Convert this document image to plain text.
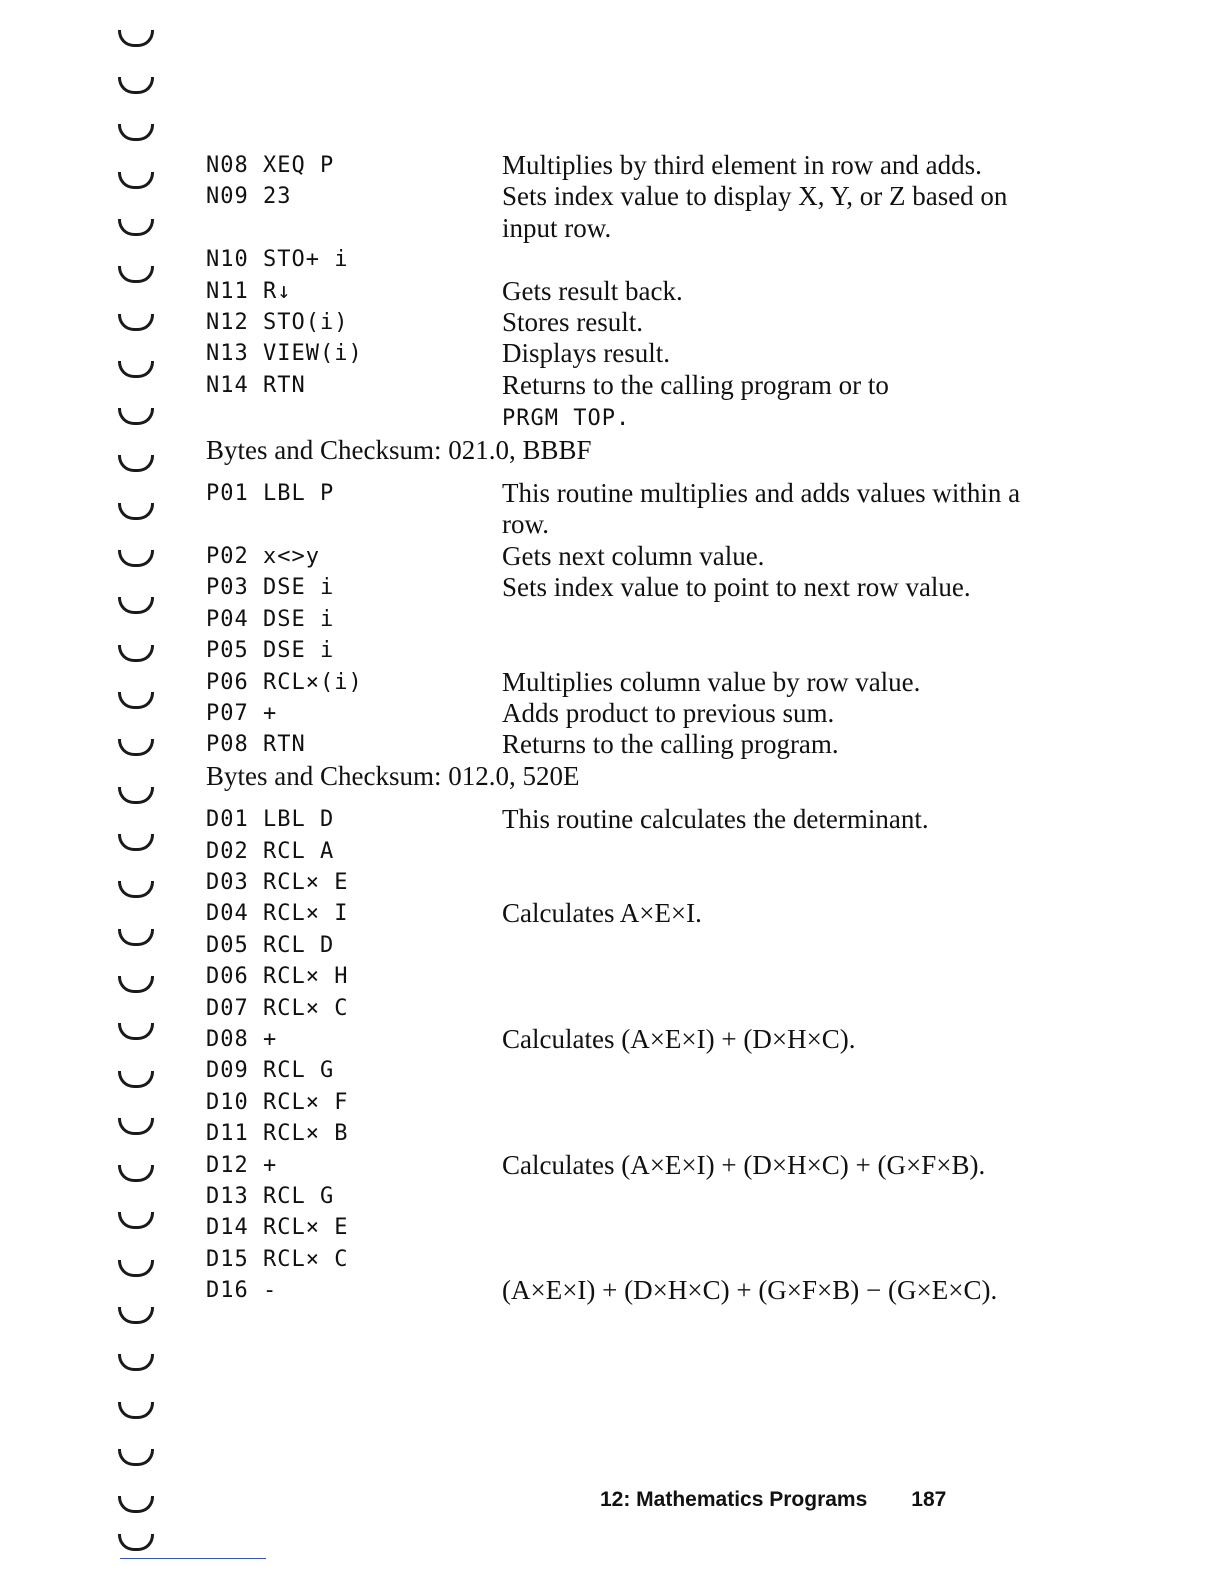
N08 XEQ P	Multiplies by third element in row and adds.
N09 23	Sets index value to display X, Y, or Z based on input row.
N10 STO+ i
N11 R↓	Gets result back.
N12 STO(i)	Stores result.
N13 VIEW(i)	Displays result.
N14 RTN	Returns to the calling program or to
PRGM TOP.
Bytes and Checksum: 021.0, BBBF
P01 LBL P	This routine multiplies and adds values within a row.
P02 x<>y	Gets next column value.
P03 DSE i	Sets index value to point to next row value.
P04 DSE i
P05 DSE i
P06 RCL×(i)	Multiplies column value by row value.
P07 +	Adds product to previous sum.
P08 RTN	Returns to the calling program.
Bytes and Checksum: 012.0, 520E
D01 LBL D	This routine calculates the determinant.
D02 RCL A
D03 RCL× E
D04 RCL× I	Calculates A×E×I.
D05 RCL D
D06 RCL× H
D07 RCL× C
D08 +	Calculates (A×E×I) + (D×H×C).
D09 RCL G
D10 RCL× F
D11 RCL× B
D12 +	Calculates (A×E×I) + (D×H×C) + (G×F×B).
D13 RCL G
D14 RCL× E
D15 RCL× C
D16 -	(A×E×I) + (D×H×C) + (G×F×B) − (G×E×C).
12: Mathematics Programs 187
